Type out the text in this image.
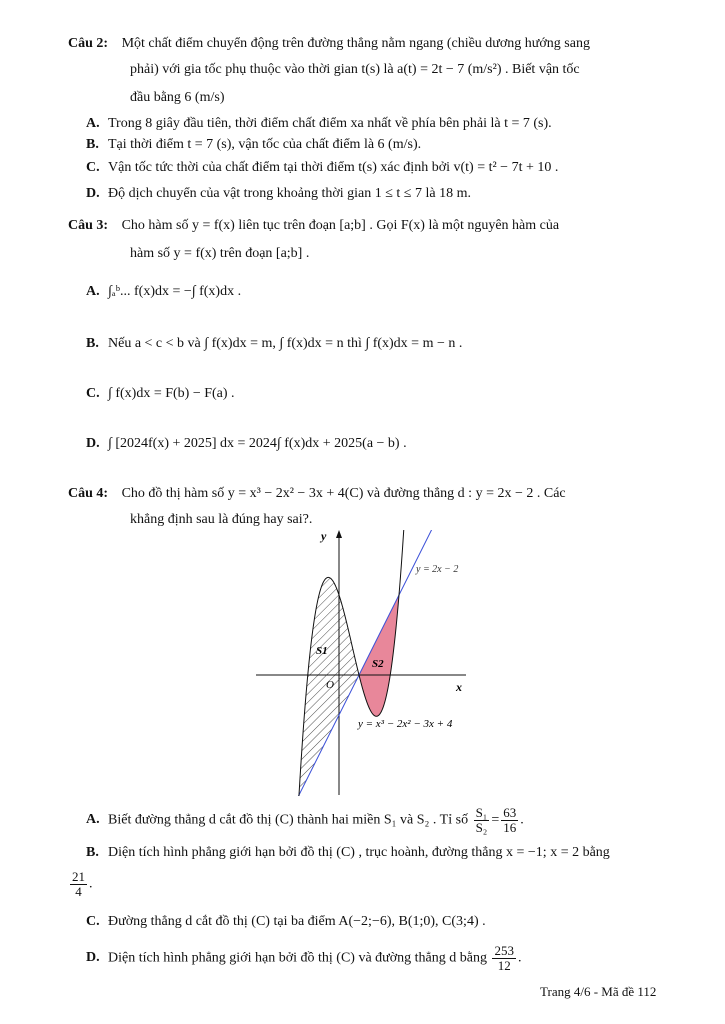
Câu 2: Một chất điểm chuyển động trên đường thẳng nằm ngang (chiều dương hướng sang
phải) với gia tốc phụ thuộc vào thời gian t(s) là a(t) = 2t − 7 (m/s²) . Biết vận tốc
đầu bằng 6 (m/s)
A. Trong 8 giây đầu tiên, thời điểm chất điểm xa nhất về phía bên phải là t = 7 (s).
B. Tại thời điểm t = 7 (s), vận tốc của chất điểm là 6 (m/s).
C. Vận tốc tức thời của chất điểm tại thời điểm t(s) xác định bởi v(t) = t² − 7t + 10 .
D. Độ dịch chuyển của vật trong khoảng thời gian 1 ≤ t ≤ 7 là 18 m.
Câu 3: Cho hàm số y = f(x) liên tục trên đoạn [a;b] . Gọi F(x) là một nguyên hàm của
hàm số y = f(x) trên đoạn [a;b] .
A. ∫ₐᵇ... f(x)dx = −∫ f(x)dx .
B. Nếu a < c < b và ∫ f(x)dx = m, ∫ f(x)dx = n thì ∫ f(x)dx = m − n .
C. ∫ f(x)dx = F(b) − F(a) .
D. ∫ [2024f(x) + 2025] dx = 2024∫ f(x)dx + 2025(a − b) .
Câu 4: Cho đồ thị hàm số y = x³ − 2x² − 3x + 4(C) và đường thẳng d : y = 2x − 2 . Các
khẳng định sau là đúng hay sai?.
y
x
O
y = 2x − 2
y = x³ − 2x² − 3x + 4
S1
S2
A. Biết đường thẳng d cắt đồ thị (C) thành hai miền S₁ và S₂ . Tỉ số $\frac{\text{S₁}}{\text{S₂}} = \frac{63}{16}$ .
B. Diện tích hình phẳng giới hạn bởi đồ thị (C) , trục hoành, đường thẳng x = −1; x = 2 bằng
$\frac{21}{4}$ .
C. Đường thẳng d cắt đồ thị (C) tại ba điểm A(−2;−6), B(1;0), C(3;4) .
D. Diện tích hình phẳng giới hạn bởi đồ thị (C) và đường thẳng d bằng $\frac{253}{12}$ .
Trang 4/6 - Mã đề 112
